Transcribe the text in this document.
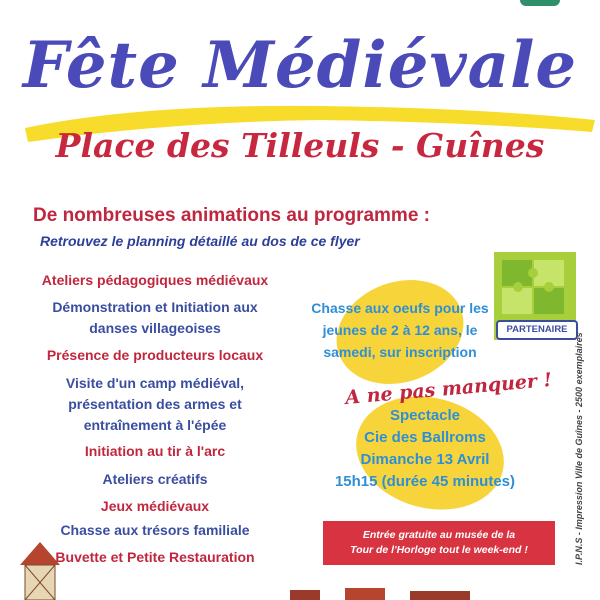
Fête Médiévale
Place des Tilleuls - Guînes
De nombreuses animations au programme :
Retrouvez le planning détaillé au dos de ce flyer
Ateliers pédagogiques médiévaux
Démonstration et Initiation aux
danses villageoises
Présence de producteurs locaux
Visite d'un camp médiéval,
présentation des armes et
entraînement à l'épée
Initiation au tir à l'arc
Ateliers créatifs
Jeux médiévaux
Chasse aux trésors familiale
Buvette et Petite Restauration
Chasse aux oeufs pour les
jeunes de 2 à 12 ans, le
samedi, sur inscription
A ne pas manquer !
Spectacle
Cie des Ballroms
Dimanche 13 Avril
15h15 (durée 45 minutes)
PARTENAIRE
Entrée gratuite au musée de la
Tour de l'Horloge tout le week-end !	I.P.N.S - Impression Ville de Guînes - 2500 exemplaires
